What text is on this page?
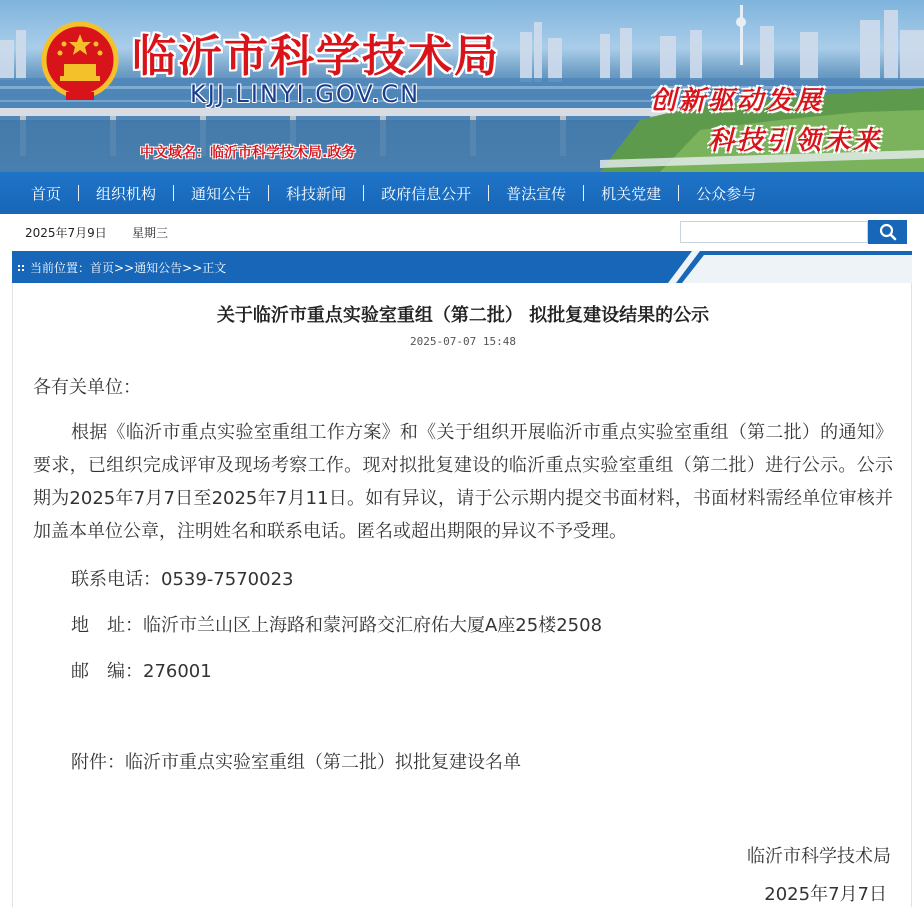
临沂市科学技术局
KJJ.LINYI.GOV.CN
中文域名：临沂市科学技术局.政务
创新驱动发展
科技引领未来
首页	组织机构	通知公告	科技新闻	政府信息公开	普法宣传	机关党建	公众参与
2025年7月9日 星期三
当前位置： 首页 >> 通知公告 >> 正文
关于临沂市重点实验室重组（第二批） 拟批复建设结果的公示
2025-07-07 15:48
各有关单位：
根据《临沂市重点实验室重组工作方案》和《关于组织开展临沂市重点实验室重组（第二批）的通知》要求，已组织完成评审及现场考察工作。现对拟批复建设的临沂重点实验室重组（第二批）进行公示。公示期为2025年7月7日至2025年7月11日。如有异议，请于公示期内提交书面材料，书面材料需经单位审核并加盖本单位公章，注明姓名和联系电话。匿名或超出期限的异议不予受理。
联系电话：0539-7570023
地　址：临沂市兰山区上海路和蒙河路交汇府佑大厦A座25楼2508
邮　编：276001
附件：临沂市重点实验室重组（第二批）拟批复建设名单
临沂市科学技术局
2025年7月7日
